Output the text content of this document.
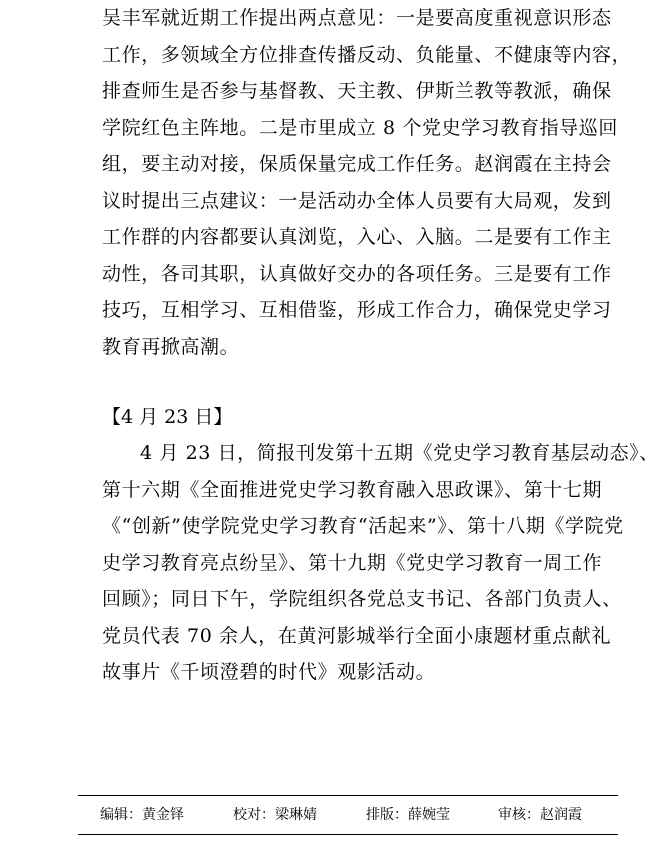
吴丰军就近期工作提出两点意见：一是要高度重视意识形态
工作，多领域全方位排查传播反动、负能量、不健康等内容，
排查师生是否参与基督教、天主教、伊斯兰教等教派，确保
学院红色主阵地。二是市里成立 8 个党史学习教育指导巡回
组，要主动对接，保质保量完成工作任务。赵润霞在主持会
议时提出三点建议：一是活动办全体人员要有大局观，发到
工作群的内容都要认真浏览，入心、入脑。二是要有工作主
动性，各司其职，认真做好交办的各项任务。三是要有工作
技巧，互相学习、互相借鉴，形成工作合力，确保党史学习
教育再掀高潮。
【4 月 23 日】
4 月 23 日，简报刊发第十五期《党史学习教育基层动态》、
第十六期《全面推进党史学习教育融入思政课》、第十七期
《“创新”使学院党史学习教育“活起来”》、第十八期《学院党
史学习教育亮点纷呈》、第十九期《党史学习教育一周工作
回顾》；同日下午，学院组织各党总支书记、各部门负责人、
党员代表 70 余人，在黄河影城举行全面小康题材重点献礼
故事片《千顷澄碧的时代》观影活动。
编辑：黄金铎	校对：梁琳婧	排版：薛婉莹	审核：赵润霞
